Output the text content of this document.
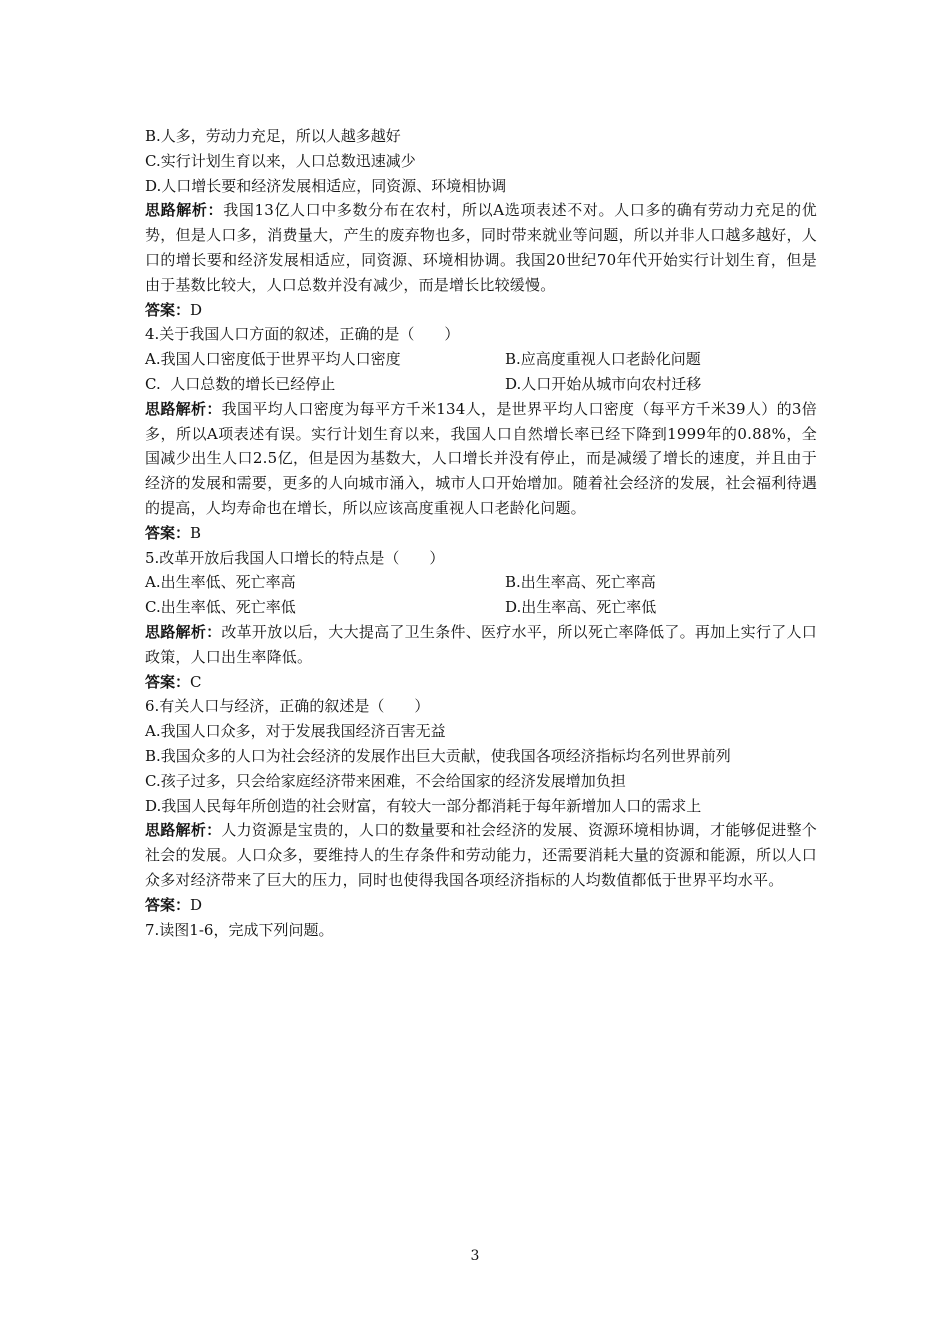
B.人多，劳动力充足，所以人越多越好

C.实行计划生育以来，人口总数迅速减少

D.人口增长要和经济发展相适应，同资源、环境相协调

思路解析：我国13亿人口中多数分布在农村，所以A选项表述不对。人口多的确有劳动力充足的优势，但是人口多，消费量大，产生的废弃物也多，同时带来就业等问题，所以并非人口越多越好，人口的增长要和经济发展相适应，同资源、环境相协调。我国20世纪70年代开始实行计划生育，但是由于基数比较大，人口总数并没有减少，而是增长比较缓慢。

答案：D

4.关于我国人口方面的叙述，正确的是（　　）

A.我国人口密度低于世界平均人口密度	B.应高度重视人口老龄化问题
C.  人口总数的增长已经停止	D.人口开始从城市向农村迁移

思路解析：我国平均人口密度为每平方千米134人，是世界平均人口密度（每平方千米39人）的3倍多，所以A项表述有误。实行计划生育以来，我国人口自然增长率已经下降到1999年的0.88%，全国减少出生人口2.5亿，但是因为基数大，人口增长并没有停止，而是减缓了增长的速度，并且由于经济的发展和需要，更多的人向城市涌入，城市人口开始增加。随着社会经济的发展，社会福利待遇的提高，人均寿命也在增长，所以应该高度重视人口老龄化问题。

答案：B

5.改革开放后我国人口增长的特点是（　　）

A.出生率低、死亡率高	B.出生率高、死亡率高
C.出生率低、死亡率低	D.出生率高、死亡率低

思路解析：改革开放以后，大大提高了卫生条件、医疗水平，所以死亡率降低了。再加上实行了人口政策，人口出生率降低。

答案：C

6.有关人口与经济，正确的叙述是（　　）

A.我国人口众多，对于发展我国经济百害无益

B.我国众多的人口为社会经济的发展作出巨大贡献，使我国各项经济指标均名列世界前列

C.孩子过多，只会给家庭经济带来困难，不会给国家的经济发展增加负担

D.我国人民每年所创造的社会财富，有较大一部分都消耗于每年新增加人口的需求上

思路解析：人力资源是宝贵的，人口的数量要和社会经济的发展、资源环境相协调，才能够促进整个社会的发展。人口众多，要维持人的生存条件和劳动能力，还需要消耗大量的资源和能源，所以人口众多对经济带来了巨大的压力，同时也使得我国各项经济指标的人均数值都低于世界平均水平。

答案：D

7.读图1-6，完成下列问题。

3
